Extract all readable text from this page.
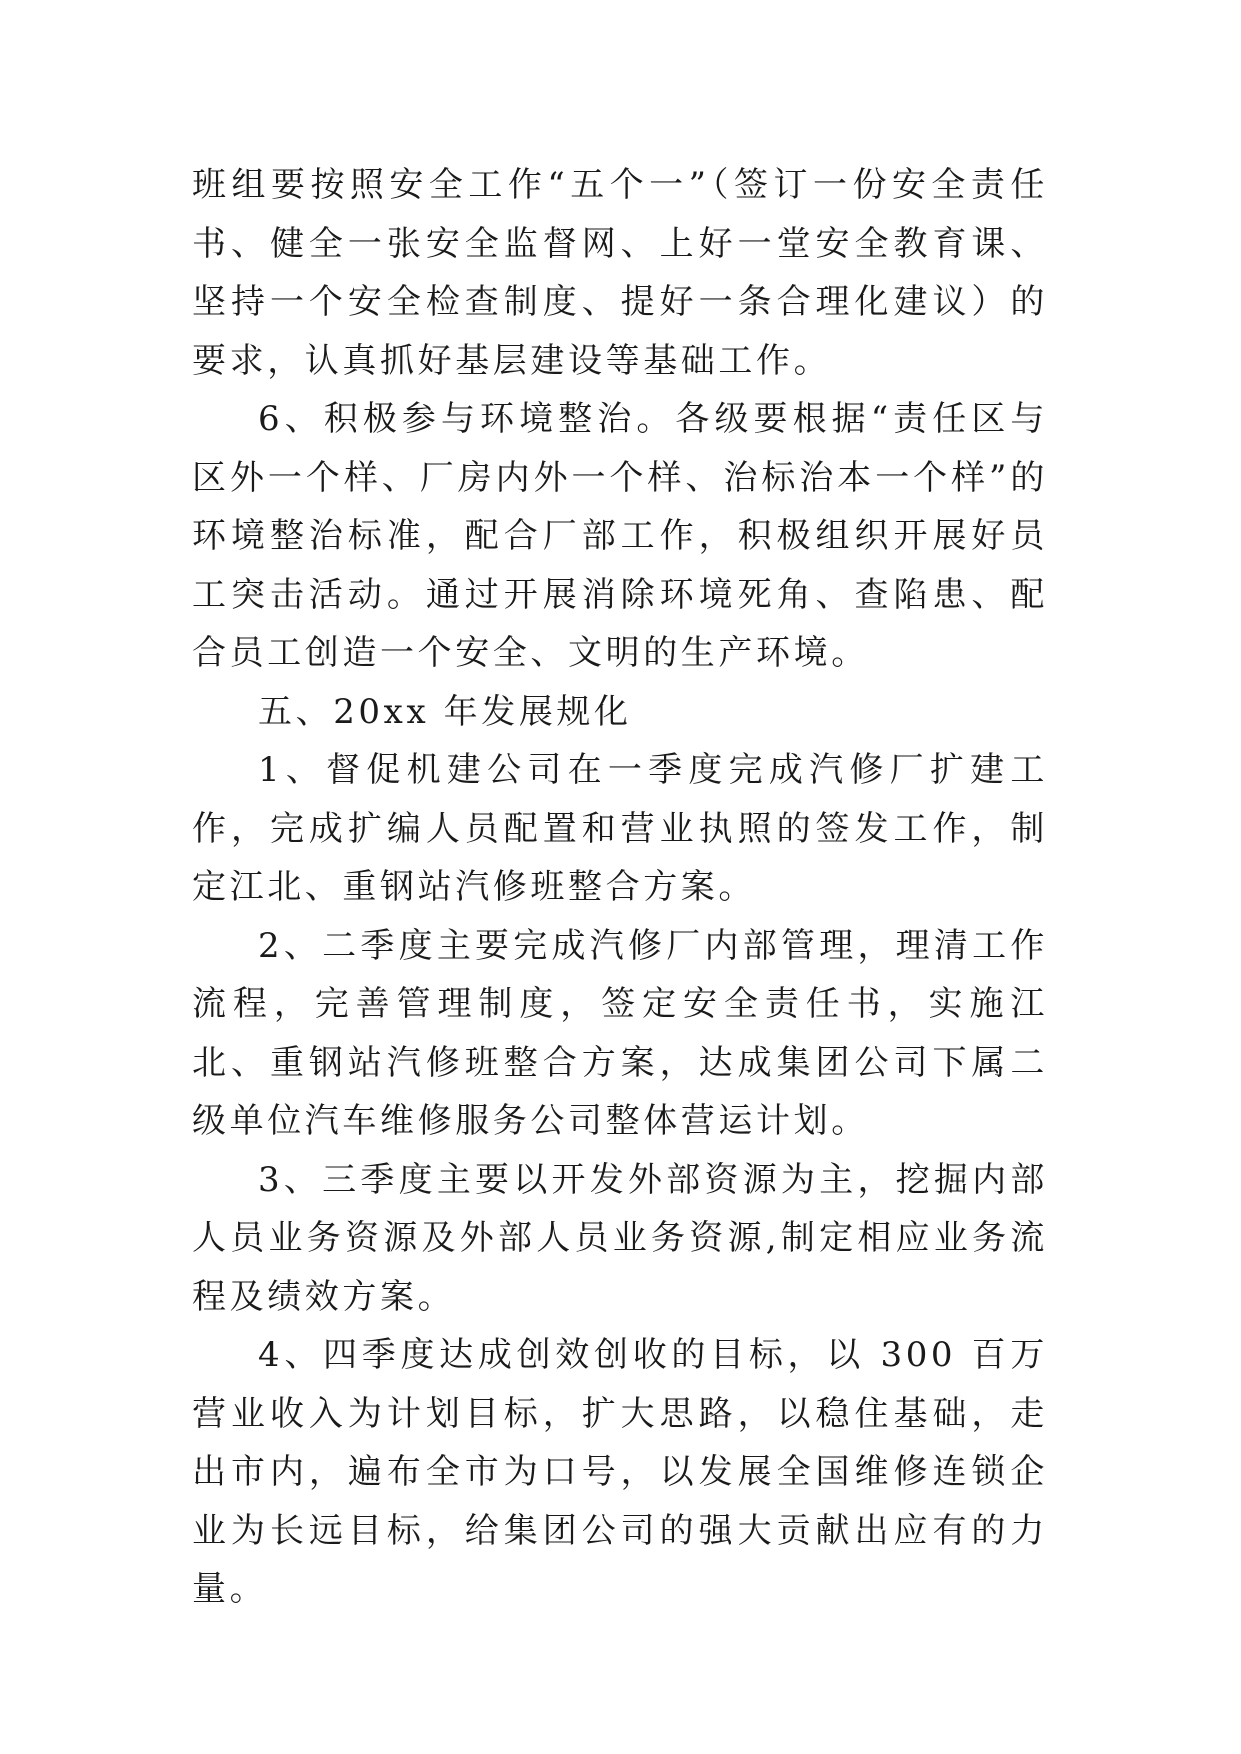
班组要按照安全工作“五个一”（签订一份安全责任书、健全一张安全监督网、上好一堂安全教育课、坚持一个安全检查制度、提好一条合理化建议）的要求，认真抓好基层建设等基础工作。

6、积极参与环境整治。各级要根据“责任区与区外一个样、厂房内外一个样、治标治本一个样”的环境整治标准，配合厂部工作，积极组织开展好员工突击活动。通过开展消除环境死角、查陷患、配合员工创造一个安全、文明的生产环境。

五、20xx 年发展规化

1、督促机建公司在一季度完成汽修厂扩建工作，完成扩编人员配置和营业执照的签发工作，制定江北、重钢站汽修班整合方案。

2、二季度主要完成汽修厂内部管理，理清工作流程，完善管理制度，签定安全责任书，实施江北、重钢站汽修班整合方案，达成集团公司下属二级单位汽车维修服务公司整体营运计划。

3、三季度主要以开发外部资源为主，挖掘内部人员业务资源及外部人员业务资源,制定相应业务流程及绩效方案。

4、四季度达成创效创收的目标，以 300 百万营业收入为计划目标，扩大思路，以稳住基础，走出市内，遍布全市为口号，以发展全国维修连锁企业为长远目标，给集团公司的强大贡献出应有的力量。
